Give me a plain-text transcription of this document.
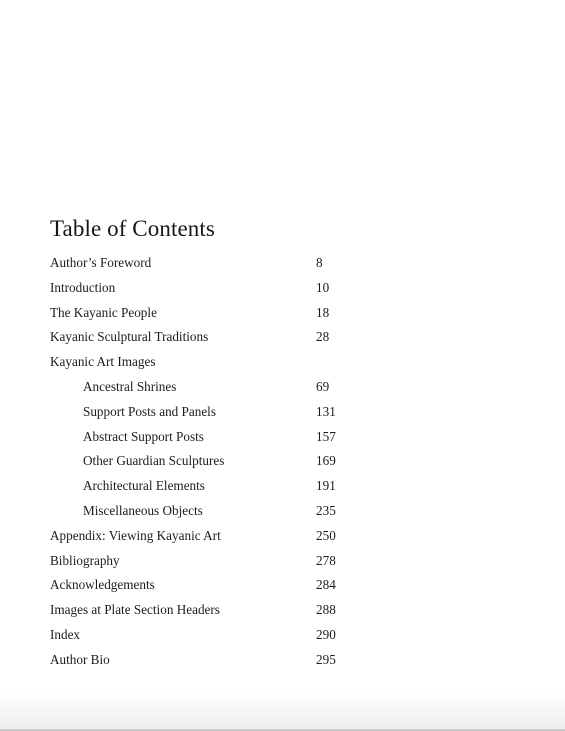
Table of Contents
Author’s Foreword	8
Introduction	10
The Kayanic People	18
Kayanic Sculptural Traditions	28
Kayanic Art Images
Ancestral Shrines	69
Support Posts and Panels	131
Abstract Support Posts	157
Other Guardian Sculptures	169
Architectural Elements	191
Miscellaneous Objects	235
Appendix: Viewing Kayanic Art	250
Bibliography	278
Acknowledgements	284
Images at Plate Section Headers	288
Index	290
Author Bio	295
